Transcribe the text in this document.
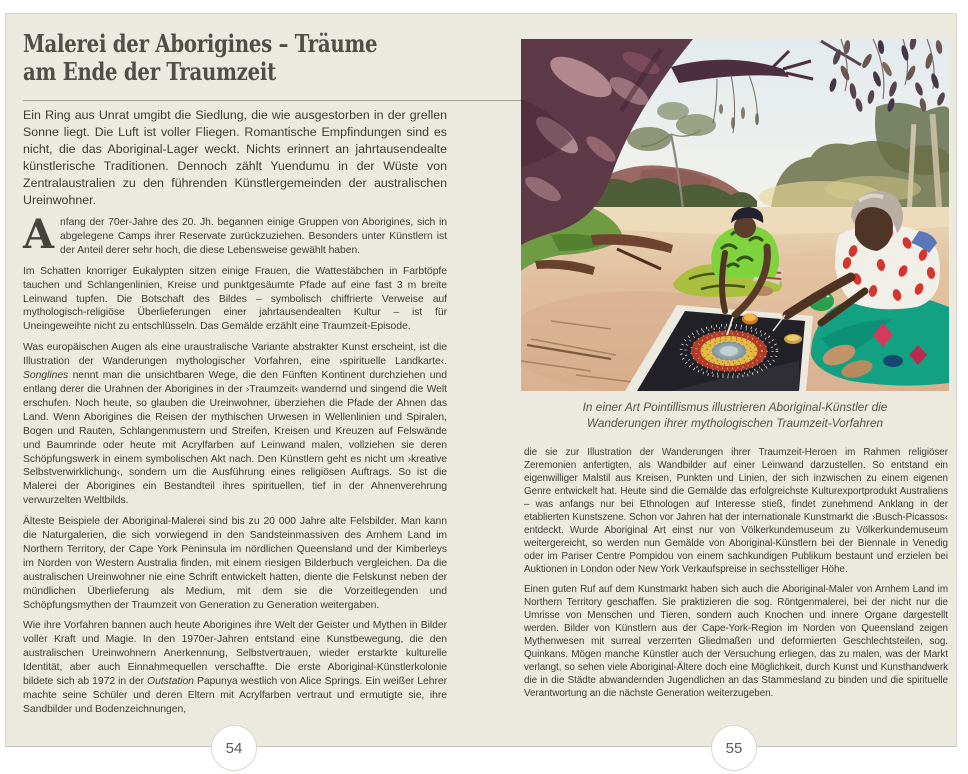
Malerei der Aborigines – Träume
am Ende der Traumzeit

Ein Ring aus Unrat umgibt die Siedlung, die wie ausgestorben in der grellen Sonne liegt. Die Luft ist voller Fliegen. Romantische Empfindungen sind es nicht, die das Aboriginal-Lager weckt. Nichts erinnert an jahrtausendealte künstlerische Traditionen. Dennoch zählt Yuendumu in der Wüste von Zentralaustralien zu den führenden Künstlergemeinden der australischen Ureinwohner.

Anfang der 70er-Jahre des 20. Jh. begannen einige Gruppen von Aborigines, sich in abgelegene Camps ihrer Reservate zurückzuziehen. Besonders unter Künstlern ist der Anteil derer sehr hoch, die diese Lebensweise gewählt haben.

Im Schatten knorriger Eukalypten sitzen einige Frauen, die Wattestäbchen in Farbtöpfe tauchen und Schlangenlinien, Kreise und punktgesäumte Pfade auf eine fast 3 m breite Leinwand tupfen. Die Botschaft des Bildes – symbolisch chiffrierte Verweise auf mythologisch-religiöse Überlieferungen einer jahrtausendealten Kultur – ist für Uneingeweihte nicht zu entschlüsseln. Das Gemälde erzählt eine Traumzeit-Episode.

Was europäischen Augen als eine uraustralische Variante abstrakter Kunst erscheint, ist die Illustration der Wanderungen mythologischer Vorfahren, eine ›spirituelle Landkarte‹. Songlines nennt man die unsichtbaren Wege, die den Fünften Kontinent durchziehen und entlang derer die Urahnen der Aborigines in der ›Traumzeit‹ wandernd und singend die Welt erschufen. Noch heute, so glauben die Ureinwohner, überziehen die Pfade der Ahnen das Land. Wenn Aborigines die Reisen der mythischen Urwesen in Wellenlinien und Spiralen, Bogen und Rauten, Schlangenmustern und Streifen, Kreisen und Kreuzen auf Felswände und Baumrinde oder heute mit Acrylfarben auf Leinwand malen, vollziehen sie deren Schöpfungswerk in einem symbolischen Akt nach. Den Künstlern geht es nicht um ›kreative Selbstverwirklichung‹, sondern um die Ausführung eines religiösen Auftrags. So ist die Malerei der Aborigines ein Bestandteil ihres spirituellen, tief in der Ahnenverehrung verwurzelten Weltbilds.

Älteste Beispiele der Aboriginal-Malerei sind bis zu 20 000 Jahre alte Felsbilder. Man kann die Naturgalerien, die sich vorwiegend in den Sandsteinmassiven des Arnhem Land im Northern Territory, der Cape York Peninsula im nördlichen Queensland und der Kimberleys im Norden von Western Australia finden, mit einem riesigen Bilderbuch vergleichen. Da die australischen Ureinwohner nie eine Schrift entwickelt hatten, diente die Felskunst neben der mündlichen Überlieferung als Medium, mit dem sie die Vorzeitlegenden und Schöpfungsmythen der Traumzeit von Generation zu Generation weitergaben.

Wie ihre Vorfahren bannen auch heute Aborigines ihre Welt der Geister und Mythen in Bilder voller Kraft und Magie. In den 1970er-Jahren entstand eine Kunstbewegung, die den australischen Ureinwohnern Anerkennung, Selbstvertrauen, wieder erstarkte kulturelle Identität, aber auch Einnahmequellen verschaffte. Die erste Aboriginal-Künstlerkolonie bildete sich ab 1972 in der Outstation Papunya westlich von Alice Springs. Ein weißer Lehrer machte seine Schüler und deren Eltern mit Acrylfarben vertraut und ermutigte sie, ihre Sandbilder und Bodenzeichnungen,

In einer Art Pointillismus illustrieren Aboriginal-Künstler die
Wanderungen ihrer mythologischen Traumzeit-Vorfahren

die sie zur Illustration der Wanderungen ihrer Traumzeit-Heroen im Rahmen religiöser Zeremonien anfertigten, als Wandbilder auf einer Leinwand darzustellen. So entstand ein eigenwilliger Malstil aus Kreisen, Punkten und Linien, der sich inzwischen zu einem eigenen Genre entwickelt hat. Heute sind die Gemälde das erfolgreichste Kulturexportprodukt Australiens – was anfangs nur bei Ethnologen auf Interesse stieß, findet zunehmend Anklang in der etablierten Kunstszene. Schon vor Jahren hat der internationale Kunstmarkt die ›Busch-Picassos‹ entdeckt. Wurde Aboriginal Art einst nur von Völkerkundemuseum zu Völkerkundemuseum weitergereicht, so werden nun Gemälde von Aboriginal-Künstlern bei der Biennale in Venedig oder im Pariser Centre Pompidou von einem sachkundigen Publikum bestaunt und erzielen bei Auktionen in London oder New York Verkaufspreise in sechsstelliger Höhe.

Einen guten Ruf auf dem Kunstmarkt haben sich auch die Aboriginal-Maler von Arnhem Land im Northern Territory geschaffen. Sie praktizieren die sog. Röntgenmalerei, bei der nicht nur die Umrisse von Menschen und Tieren, sondern auch Knochen und innere Organe dargestellt werden. Bilder von Künstlern aus der Cape-York-Region im Norden von Queensland zeigen Mythenwesen mit surreal verzerrten Gliedmaßen und deformierten Geschlechtsteilen, sog. Quinkans. Mögen manche Künstler auch der Versuchung erliegen, das zu malen, was der Markt verlangt, so sehen viele Aboriginal-Ältere doch eine Möglichkeit, durch Kunst und Kunsthandwerk die in die Städte abwandernden Jugendlichen an das Stammesland zu binden und die spirituelle Verantwortung an die nächste Generation weiterzugeben.

54	55
